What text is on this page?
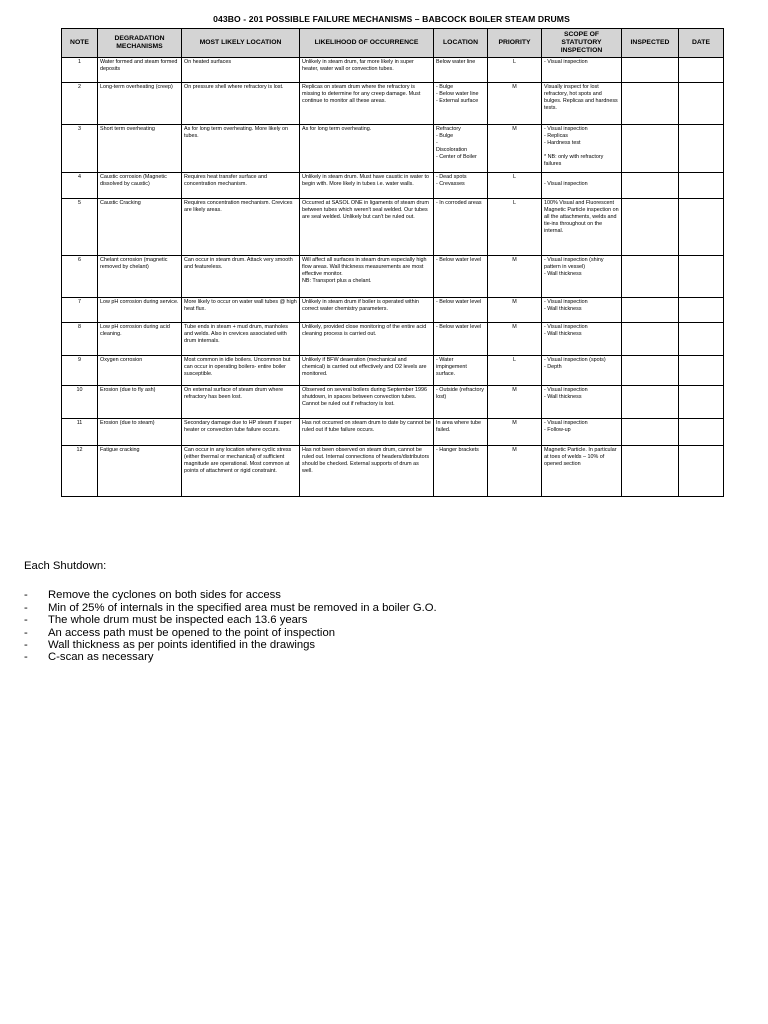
043BO - 201 POSSIBLE FAILURE MECHANISMS – BABCOCK BOILER STEAM DRUMS
NOTE	DEGRADATION MECHANISMS	MOST LIKELY LOCATION	LIKELIHOOD OF OCCURRENCE	LOCATION	PRIORITY	SCOPE OF STATUTORY INSPECTION	INSPECTED	DATE
1	Water formed and steam formed deposits	On heated surfaces	Unlikely in steam drum, far more likely in super heater, water wall or convection tubes.	Below water line	L	- Visual inspection		
2	Long-term overheating (creep)	On pressure shell where refractory is lost.	Replicas on steam drum where the refractory is missing to determine for any creep damage. Must continue to monitor all these areas.	- Bulge
- Below water line
- External surface	M	Visually inspect for lost refractory, hot spots and bulges. Replicas and hardness tests.		
3	Short term overheating	As for long term overheating. More likely on tubes.	As for long term overheating.	Refractory
- Bulge
-
Discoloration
- Center of Boiler	M	- Visual inspection
- Replicas
- Hardness test

* NB: only with refractory failures		
4	Caustic corrosion (Magnetic dissolved by caustic)	Requires heat transfer surface and concentration mechanism.	Unlikely in steam drum. Must have caustic in water to begin with. More likely in tubes i.e. water walls.	- Dead spots
- Crevasses	L	
- Visual inspection		
5	Caustic Cracking	Requires concentration mechanism. Crevices are likely areas.	Occurred at SASOL ONE in ligaments of steam drum between tubes which weren't seal welded. Our tubes are seal welded. Unlikely but can't be ruled out.	- In corroded areas	L	100% Visual and Fluorescent Magnetic Particle inspection on all the attachments, welds and tie-ins throughout on the internal.		
6	Chelant corrosion (magnetic removed by chelant)	Can occur in steam drum. Attack very smooth and featureless.	Will affect all surfaces in steam drum especially high flow areas. Wall thickness measurements are most effective monitor.
NB: Transport plus a chelant.	- Below water level	M	- Visual inspection (shiny pattern in vessel)
- Wall thickness		
7	Low pH corrosion during service.	More likely to occur on water wall tubes @ high heat flux.	Unlikely in steam drum if boiler is operated within correct water chemistry parameters.	- Below water level	M	- Visual inspection
- Wall thickness		
8	Low pH corrosion during acid cleaning.	Tube ends in steam + mud drum, manholes and welds. Also in crevices associated with drum internals.	Unlikely, provided close monitoring of the entire acid cleaning process is carried out.	- Below water level	M	- Visual inspection
- Wall thickness		
9	Oxygen corrosion	Most common in idle boilers. Uncommon but can occur in operating boilers- entire boiler susceptible.	Unlikely if BFW deaeration (mechanical and chemical) is carried out effectively and O2 levels are monitored.	- Water impingement surface.	L	- Visual inspection (spots)
- Depth		
10	Erosion (due to fly ash)	On external surface of steam drum where refractory has been lost.	Observed on several boilers during September 1996 shutdown, in spaces between convection tubes. Cannot be ruled out if refractory is lost.	- Outside (refractory lost)	M	- Visual inspection
- Wall thickness		
11	Erosion (due to steam)	Secondary damage due to HP steam if super heater or convection tube failure occurs.	Has not occurred on steam drum to date by cannot be ruled out if tube failure occurs.	In area where tube failed.	M	- Visual inspection
- Follow-up		
12	Fatigue cracking	Can occur in any location where cyclic stress (either thermal or mechanical) of sufficient magnitude are operational. Most common at points of attachment or rigid constraint.	Has not been observed on steam drum, cannot be ruled out. Internal connections of headers/distributors should be checked. External supports of drum as well.	- Hanger brackets	M	Magnetic Particle. In particular at toes of welds – 10% of opened section		

Each Shutdown:

- Remove the cyclones on both sides for access
- Min of 25% of internals in the specified area must be removed in a boiler G.O.
- The whole drum must be inspected each 13.6 years
- An access path must be opened to the point of inspection
- Wall thickness as per points identified in the drawings
- C-scan as necessary
